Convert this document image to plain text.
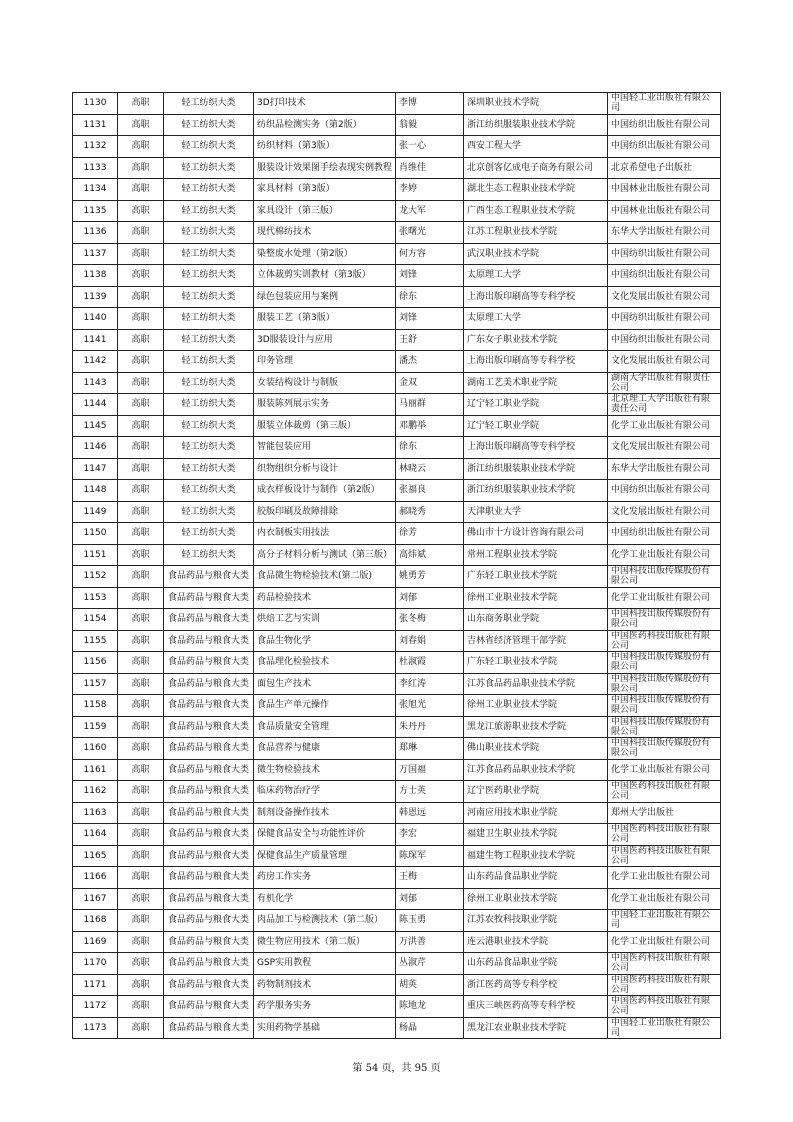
1130	高职	轻工纺织大类	3D打印技术	李博	深圳职业技术学院	中国轻工业出版社有限公司

1131	高职	轻工纺织大类	纺织品检测实务（第2版）	翁毅	浙江纺织服装职业技术学院	中国纺织出版社有限公司

1132	高职	轻工纺织大类	纺织材料（第3版）	张一心	西安工程大学	中国纺织出版社有限公司

1133	高职	轻工纺织大类	服装设计效果图手绘表现实例教程	肖维佳	北京创客亿成电子商务有限公司	北京希望电子出版社

1134	高职	轻工纺织大类	家具材料（第3版）	李婷	湖北生态工程职业技术学院	中国林业出版社有限公司

1135	高职	轻工纺织大类	家具设计（第三版）	龙大军	广西生态工程职业技术学院	中国林业出版社有限公司

1136	高职	轻工纺织大类	现代棉纺技术	张曙光	江苏工程职业技术学院	东华大学出版社有限公司

1137	高职	轻工纺织大类	染整废水处理（第2版）	何方容	武汉职业技术学院	中国纺织出版社有限公司

1138	高职	轻工纺织大类	立体裁剪实训教材（第3版）	刘锋	太原理工大学	中国纺织出版社有限公司

1139	高职	轻工纺织大类	绿色包装应用与案例	徐东	上海出版印刷高等专科学校	文化发展出版社有限公司

1140	高职	轻工纺织大类	服装工艺（第3版）	刘锋	太原理工大学	中国纺织出版社有限公司

1141	高职	轻工纺织大类	3D服装设计与应用	王舒	广东女子职业技术学院	中国纺织出版社有限公司

1142	高职	轻工纺织大类	印务管理	潘杰	上海出版印刷高等专科学校	文化发展出版社有限公司

1143	高职	轻工纺织大类	女装结构设计与制版	金双	湖南工艺美术职业学院	湖南大学出版社有限责任公司

1144	高职	轻工纺织大类	服装陈列展示实务	马丽群	辽宁轻工职业学院	北京理工大学出版社有限责任公司

1145	高职	轻工纺织大类	服装立体裁剪（第三版）	邓鹏举	辽宁轻工职业学院	化学工业出版社有限公司

1146	高职	轻工纺织大类	智能包装应用	徐东	上海出版印刷高等专科学校	文化发展出版社有限公司

1147	高职	轻工纺织大类	织物组织分析与设计	林晓云	浙江纺织服装职业技术学院	东华大学出版社有限公司

1148	高职	轻工纺织大类	成衣样板设计与制作（第2版）	张福良	浙江纺织服装职业技术学院	中国纺织出版社有限公司

1149	高职	轻工纺织大类	胶版印刷及故障排除	郝晓秀	天津职业大学	文化发展出版社有限公司

1150	高职	轻工纺织大类	内衣制板实用技法	徐芳	佛山市十方设计咨询有限公司	中国纺织出版社有限公司

1151	高职	轻工纺织大类	高分子材料分析与测试（第三版）	高炜斌	常州工程职业技术学院	化学工业出版社有限公司

1152	高职	食品药品与粮食大类	食品微生物检验技术(第二版)	姚勇芳	广东轻工职业技术学院	中国科技出版传媒股份有限公司

1153	高职	食品药品与粮食大类	药品检验技术	刘郁	徐州工业职业技术学院	化学工业出版社有限公司

1154	高职	食品药品与粮食大类	烘焙工艺与实训	张冬梅	山东商务职业学院	中国科技出版传媒股份有限公司

1155	高职	食品药品与粮食大类	食品生物化学	刘春娟	吉林省经济管理干部学院	中国医药科技出版社有限公司

1156	高职	食品药品与粮食大类	食品理化检验技术	杜淑霞	广东轻工职业技术学院	中国科技出版传媒股份有限公司

1157	高职	食品药品与粮食大类	面包生产技术	李红涛	江苏食品药品职业技术学院	中国科技出版传媒股份有限公司

1158	高职	食品药品与粮食大类	食品生产单元操作	张旭光	徐州工业职业技术学院	中国科技出版传媒股份有限公司

1159	高职	食品药品与粮食大类	食品质量安全管理	朱丹丹	黑龙江旅游职业技术学院	中国科技出版传媒股份有限公司

1160	高职	食品药品与粮食大类	食品营养与健康	郑琳	佛山职业技术学院	中国科技出版传媒股份有限公司

1161	高职	食品药品与粮食大类	微生物检验技术	万国福	江苏食品药品职业技术学院	化学工业出版社有限公司

1162	高职	食品药品与粮食大类	临床药物治疗学	方士英	辽宁医药职业学院	中国医药科技出版社有限公司

1163	高职	食品药品与粮食大类	制剂设备操作技术	韩恩远	河南应用技术职业学院	郑州大学出版社

1164	高职	食品药品与粮食大类	保健食品安全与功能性评价	李宏	福建卫生职业技术学院	中国医药科技出版社有限公司

1165	高职	食品药品与粮食大类	保健食品生产质量管理	陈琛军	福建生物工程职业技术学院	中国医药科技出版社有限公司

1166	高职	食品药品与粮食大类	药房工作实务	王梅	山东药品食品职业学院	化学工业出版社有限公司

1167	高职	食品药品与粮食大类	有机化学	刘郁	徐州工业职业技术学院	化学工业出版社有限公司

1168	高职	食品药品与粮食大类	肉品加工与检测技术（第二版）	陈玉勇	江苏农牧科技职业学院	中国轻工业出版社有限公司

1169	高职	食品药品与粮食大类	微生物应用技术（第二版）	万洪善	连云港职业技术学院	化学工业出版社有限公司

1170	高职	食品药品与粮食大类	GSP实用教程	丛淑芹	山东药品食品职业学院	中国医药科技出版社有限公司

1171	高职	食品药品与粮食大类	药物制剂技术	胡英	浙江医药高等专科学校	中国医药科技出版社有限公司

1172	高职	食品药品与粮食大类	药学服务实务	陈地龙	重庆三峡医药高等专科学校	中国医药科技出版社有限公司

1173	高职	食品药品与粮食大类	实用药物学基础	杨晶	黑龙江农业职业技术学院	中国轻工业出版社有限公司
第 54 页，共 95 页
